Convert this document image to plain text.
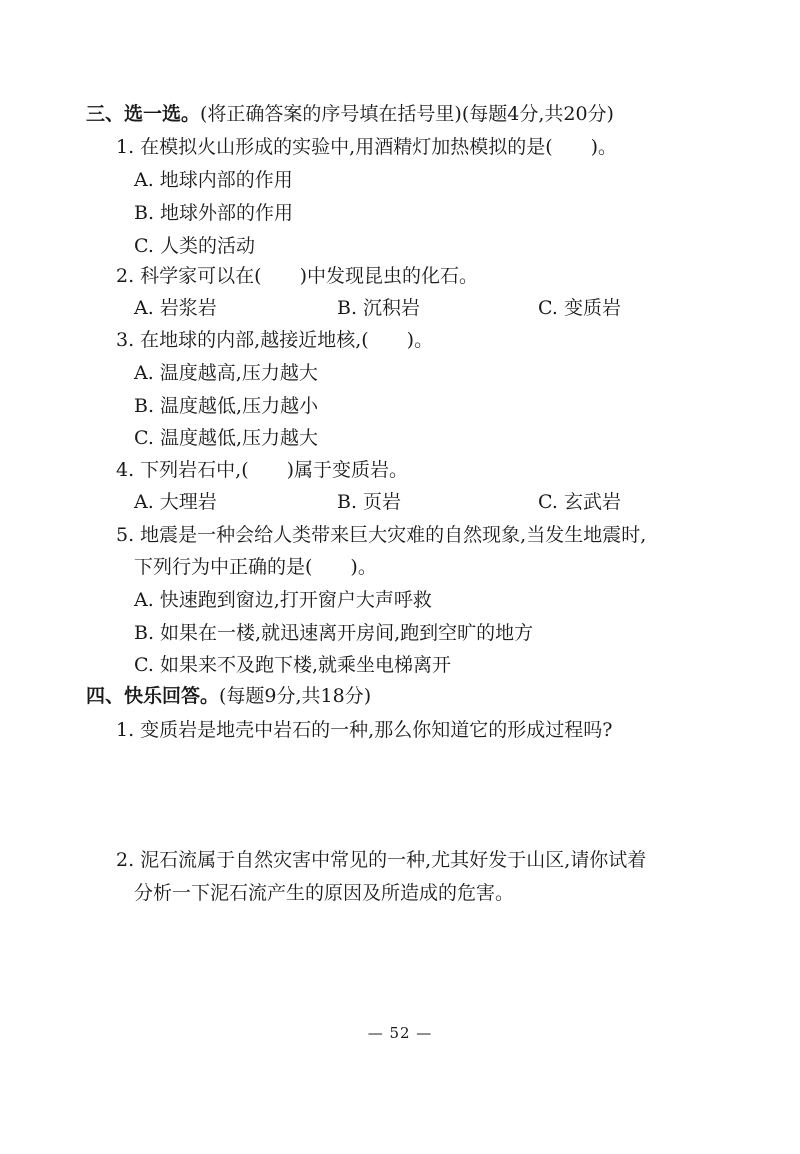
三、选一选。(将正确答案的序号填在括号里)(每题4分,共20分)
1. 在模拟火山形成的实验中,用酒精灯加热模拟的是(　　)。
A. 地球内部的作用
B. 地球外部的作用
C. 人类的活动
2. 科学家可以在(　　)中发现昆虫的化石。
A. 岩浆岩	B. 沉积岩	C. 变质岩
3. 在地球的内部,越接近地核,(　　)。
A. 温度越高,压力越大
B. 温度越低,压力越小
C. 温度越低,压力越大
4. 下列岩石中,(　　)属于变质岩。
A. 大理岩	B. 页岩	C. 玄武岩
5. 地震是一种会给人类带来巨大灾难的自然现象,当发生地震时,
下列行为中正确的是(　　)。
A. 快速跑到窗边,打开窗户大声呼救
B. 如果在一楼,就迅速离开房间,跑到空旷的地方
C. 如果来不及跑下楼,就乘坐电梯离开
四、快乐回答。(每题9分,共18分)
1. 变质岩是地壳中岩石的一种,那么你知道它的形成过程吗?
2. 泥石流属于自然灾害中常见的一种,尤其好发于山区,请你试着
分析一下泥石流产生的原因及所造成的危害。
— 52 —
